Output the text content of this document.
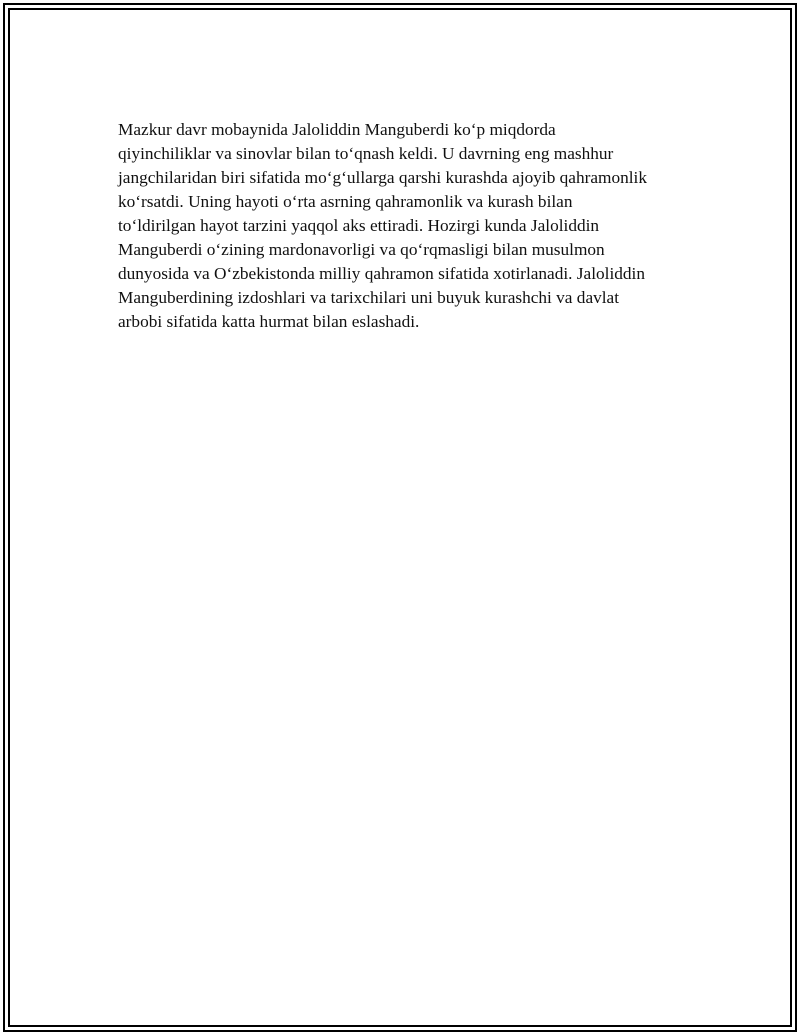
Mazkur davr mobaynida Jaloliddin Manguberdi koʻp miqdorda
qiyinchiliklar va sinovlar bilan toʻqnash keldi. U davrning eng mashhur
jangchilaridan biri sifatida moʻgʻullarga qarshi kurashda ajoyib qahramonlik
koʻrsatdi. Uning hayoti oʻrta asrning qahramonlik va kurash bilan
toʻldirilgan hayot tarzini yaqqol aks ettiradi. Hozirgi kunda Jaloliddin
Manguberdi oʻzining mardonavorligi va qoʻrqmasligi bilan musulmon
dunyosida va Oʻzbekistonda milliy qahramon sifatida xotirlanadi. Jaloliddin
Manguberdining izdoshlari va tarixchilari uni buyuk kurashchi va davlat
arbobi sifatida katta hurmat bilan eslashadi.
